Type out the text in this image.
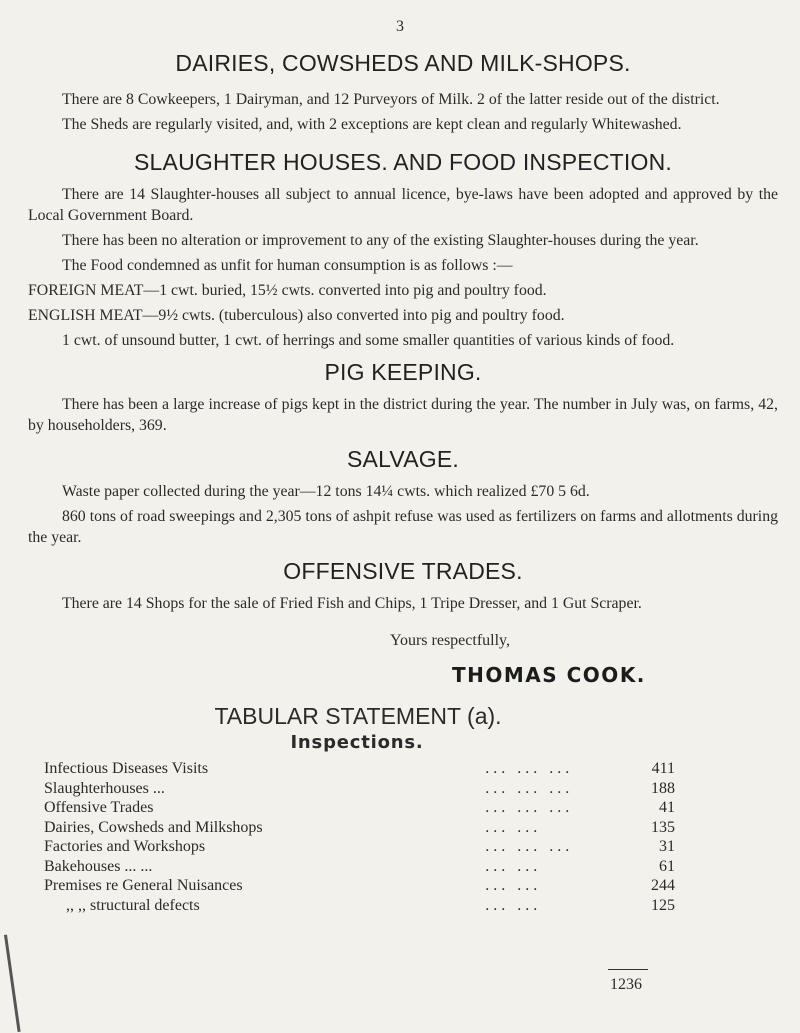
3
DAIRIES, COWSHEDS AND MILK-SHOPS.

There are 8 Cowkeepers, 1 Dairyman, and 12 Purveyors of Milk. 2 of the latter reside out of the district.

The Sheds are regularly visited, and, with 2 exceptions are kept clean and regularly Whitewashed.

SLAUGHTER HOUSES. AND FOOD INSPECTION.

There are 14 Slaughter-houses all subject to annual licence, bye-laws have been adopted and approved by the Local Government Board.

There has been no alteration or improvement to any of the existing Slaughter-houses during the year.

The Food condemned as unfit for human consumption is as follows :—

FOREIGN MEAT—1 cwt. buried, 15½ cwts. converted into pig and poultry food.

ENGLISH MEAT—9½ cwts. (tuberculous) also converted into pig and poultry food.

1 cwt. of unsound butter, 1 cwt. of herrings and some smaller quantities of various kinds of food.

PIG KEEPING.

There has been a large increase of pigs kept in the district during the year. The number in July was, on farms, 42, by householders, 369.

SALVAGE.

Waste paper collected during the year—12 tons 14¼ cwts. which realized £70 5 6d.

860 tons of road sweepings and 2,305 tons of ashpit refuse was used as fertilizers on farms and allotments during the year.

OFFENSIVE TRADES.

There are 14 Shops for the sale of Fried Fish and Chips, 1 Tripe Dresser, and 1 Gut Scraper.

Yours respectfully,

THOMAS COOK.
TABULAR STATEMENT (a).
Inspections.
Infectious Diseases Visits	... ... ...	411
Slaughterhouses ...	... ... ...	188
Offensive Trades	... ... ...	41
Dairies, Cowsheds and Milkshops	... ...	135
Factories and Workshops	... ... ...	31
Bakehouses ... ...	... ...	61
Premises re General Nuisances	... ...	244
,, ,, structural defects	... ...	125
1236
